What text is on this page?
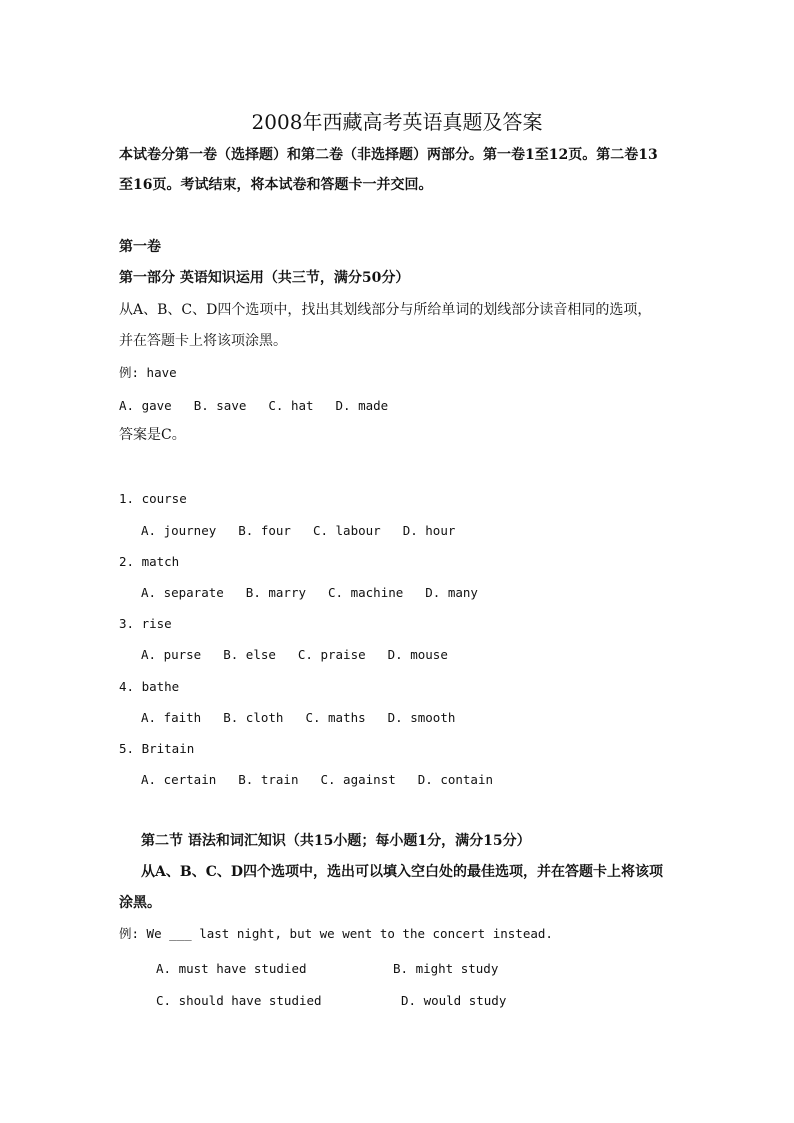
2008年西藏高考英语真题及答案
本试卷分第一卷（选择题）和第二卷（非选择题）两部分。第一卷1至12页。第二卷13
至16页。考试结束，将本试卷和答题卡一并交回。
第一卷
第一部分 英语知识运用（共三节，满分50分）
从A、B、C、D四个选项中，找出其划线部分与所给单词的划线部分读音相同的选项，
并在答题卡上将该项涂黑。
例: have
A. gave B. save C. hat D. made
答案是C。
1. course
A. journey B. four C. labour D. hour
2. match
A. separate B. marry C. machine D. many
3. rise
A. purse B. else C. praise D. mouse
4. bathe
A. faith B. cloth C. maths D. smooth
5. Britain
A. certain B. train C. against D. contain
第二节 语法和词汇知识（共15小题；每小题1分，满分15分）
从A、B、C、D四个选项中，选出可以填入空白处的最佳选项，并在答题卡上将该项
涂黑。
例: We ___ last night, but we went to the concert instead.
A. must have studied	B. might study
C. should have studied	D. would study
